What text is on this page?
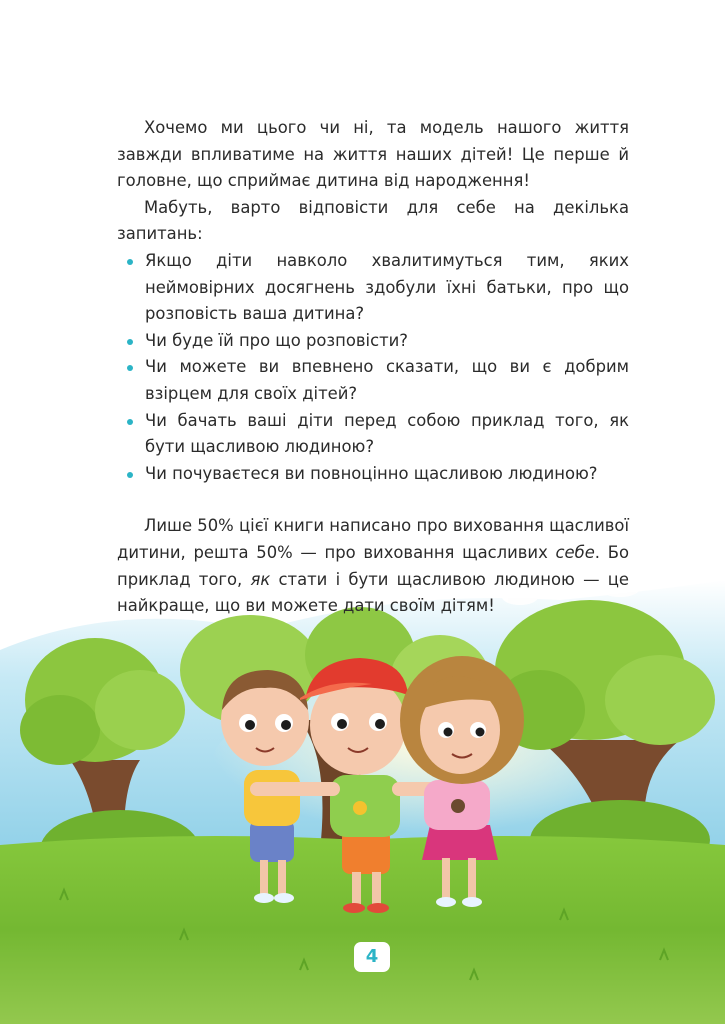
Хочемо ми цього чи ні, та модель нашого життя завжди впливатиме на життя наших дітей! Це перше й головне, що сприймає дитина від народження!

Мабуть, варто відповісти для себе на декілька запитань:

Якщо діти навколо хвалитимуться тим, яких неймовірних досягнень здобули їхні батьки, про що розповість ваша дитина?
Чи буде їй про що розповісти?
Чи можете ви впевнено сказати, що ви є добрим взірцем для своїх дітей?
Чи бачать ваші діти перед собою приклад того, як бути щасливою людиною?
Чи почуваєтеся ви повноцінно щасливою людиною?

Лише 50% цієї книги написано про виховання щасливої дитини, решта 50% — про виховання щасливих себе. Бо приклад того, як стати і бути щасливою людиною — це найкраще, що ви можете дати своїм дітям!

4
